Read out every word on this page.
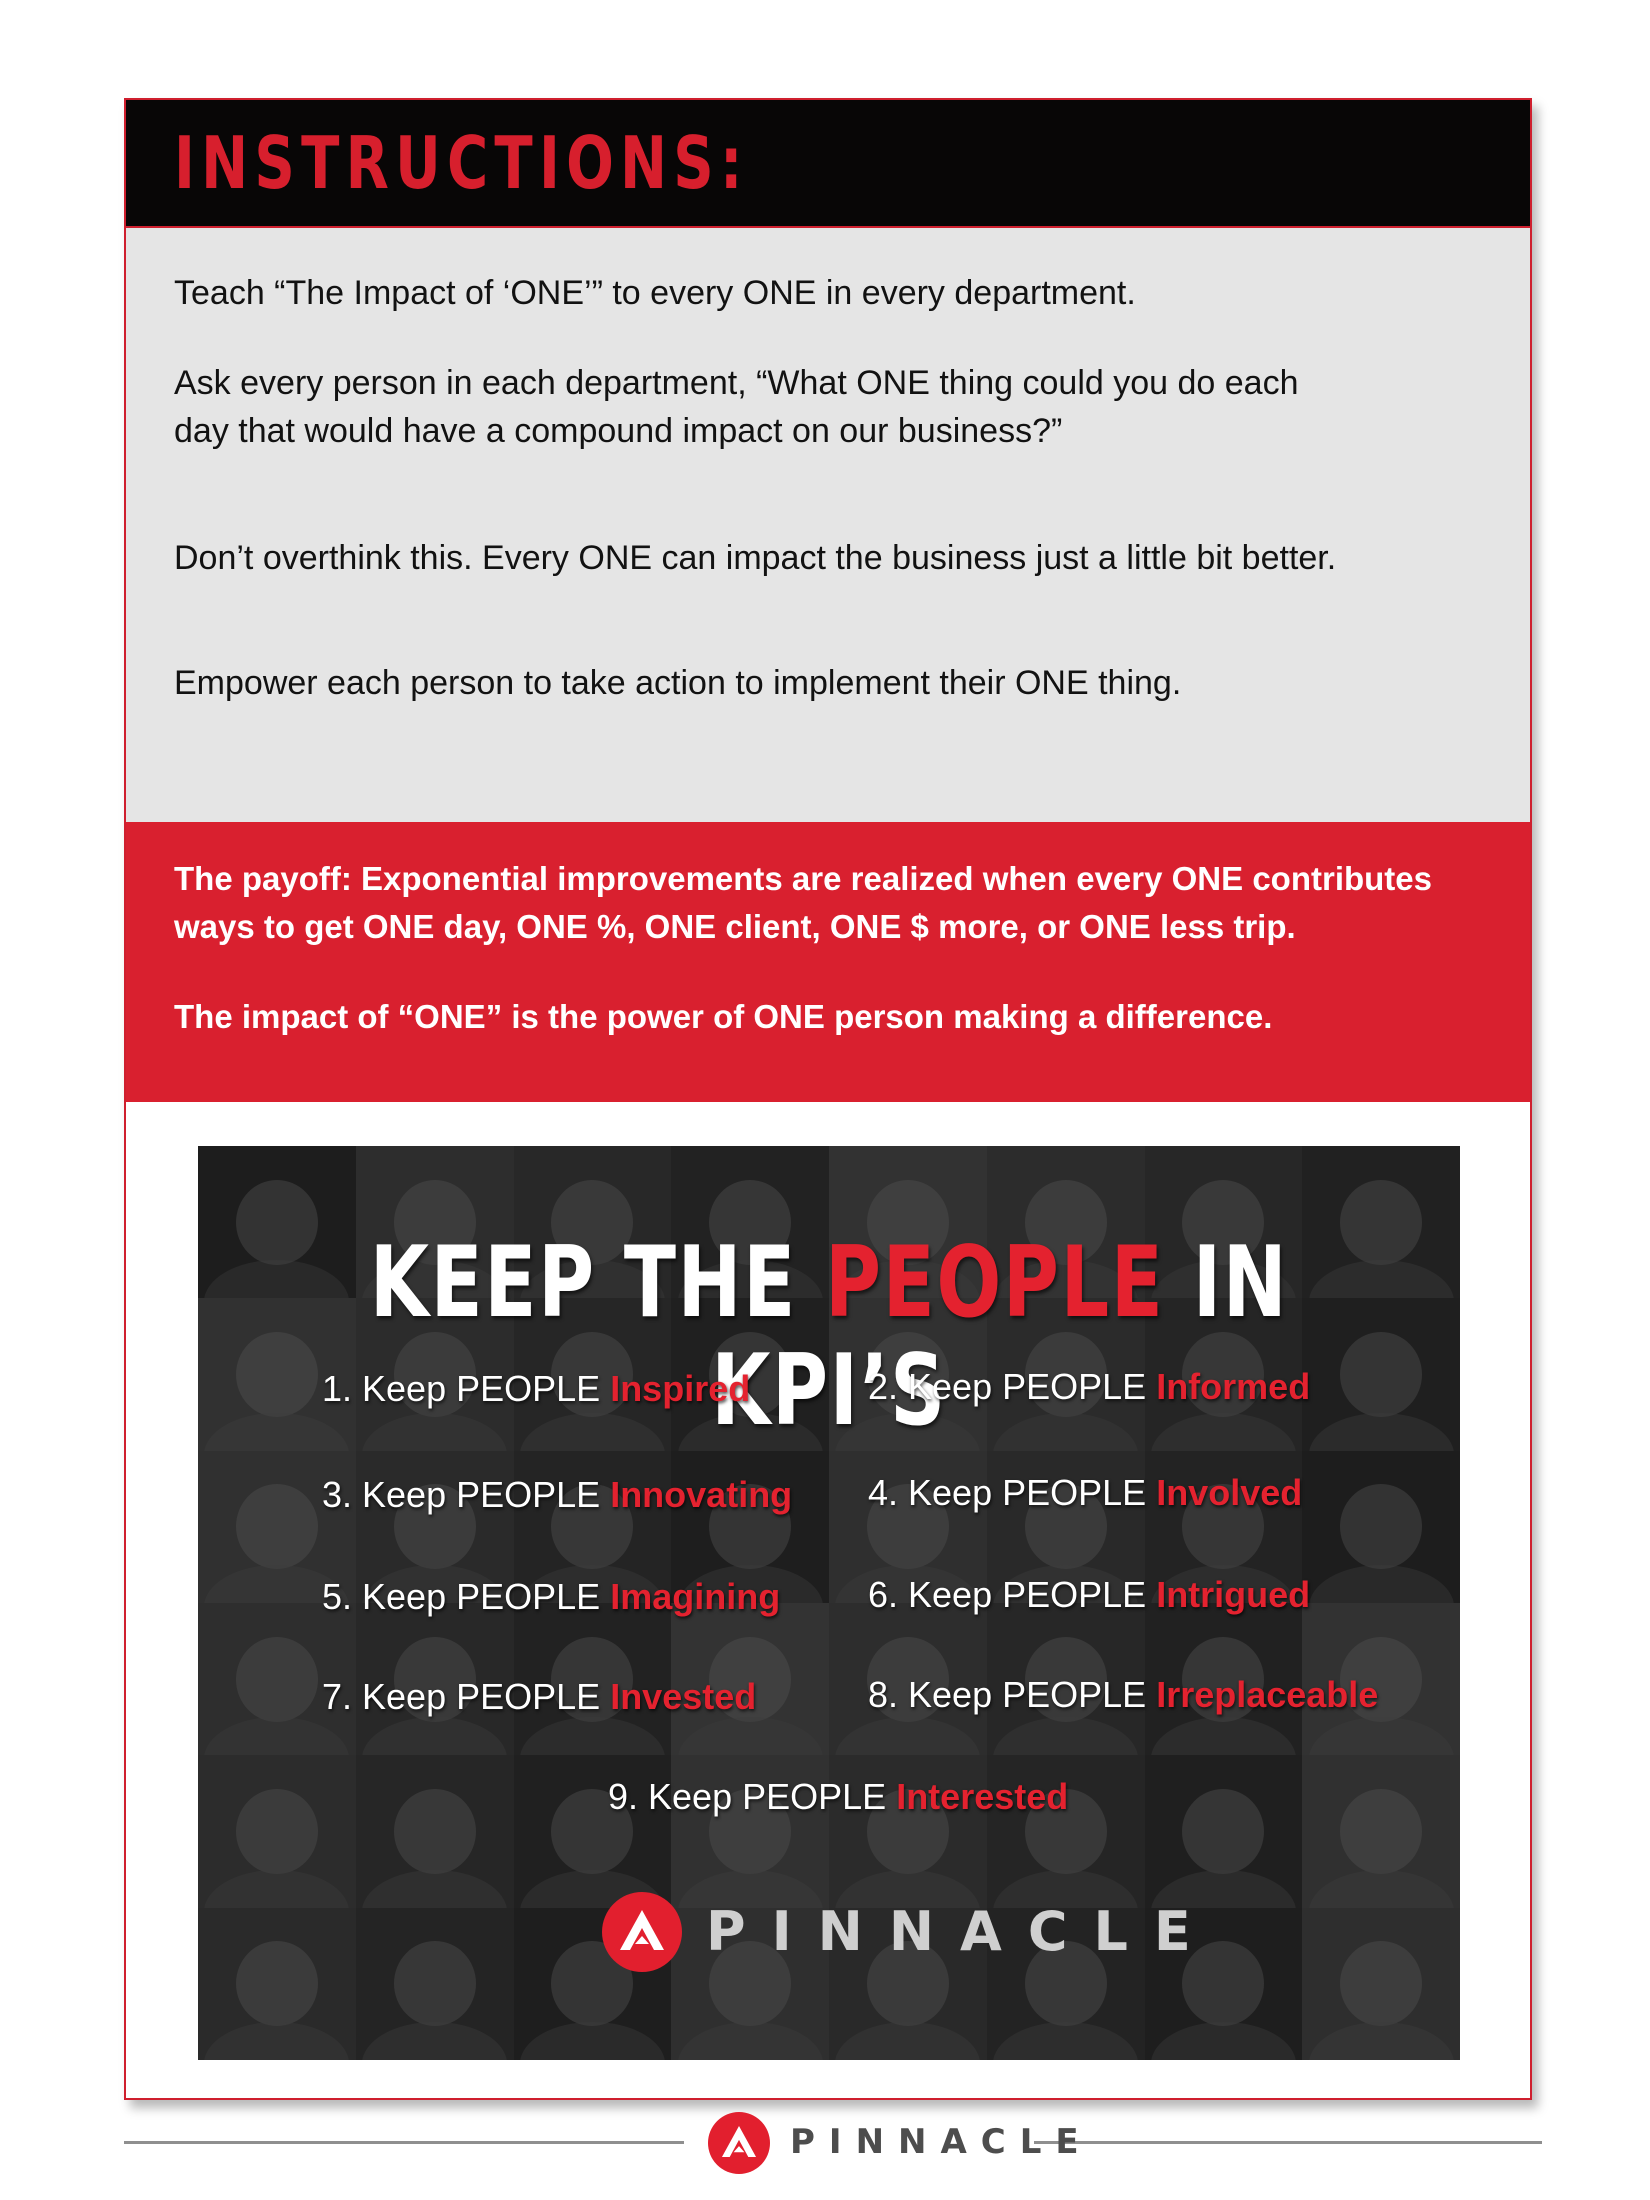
INSTRUCTIONS:
Teach “The Impact of ‘ONE’” to every ONE in every department.
Ask every person in each department, “What ONE thing could you do each
day that would have a compound impact on our business?”
Don’t overthink this. Every ONE can impact the business just a little bit better.
Empower each person to take action to implement their ONE thing.
The payoff: Exponential improvements are realized when every ONE contributes
ways to get ONE day, ONE %, ONE client, ONE $ more, or ONE less trip.
The impact of “ONE” is the power of ONE person making a difference.
KEEP THE PEOPLE IN KPI’S
1. Keep PEOPLE Inspired	2. Keep PEOPLE Informed
3. Keep PEOPLE Innovating 4. Keep PEOPLE Involved
5. Keep PEOPLE Imagining 6. Keep PEOPLE Intrigued
7. Keep PEOPLE Invested	8. Keep PEOPLE Irreplaceable
9. Keep PEOPLE Interested
PINNACLE
PINNACLE
